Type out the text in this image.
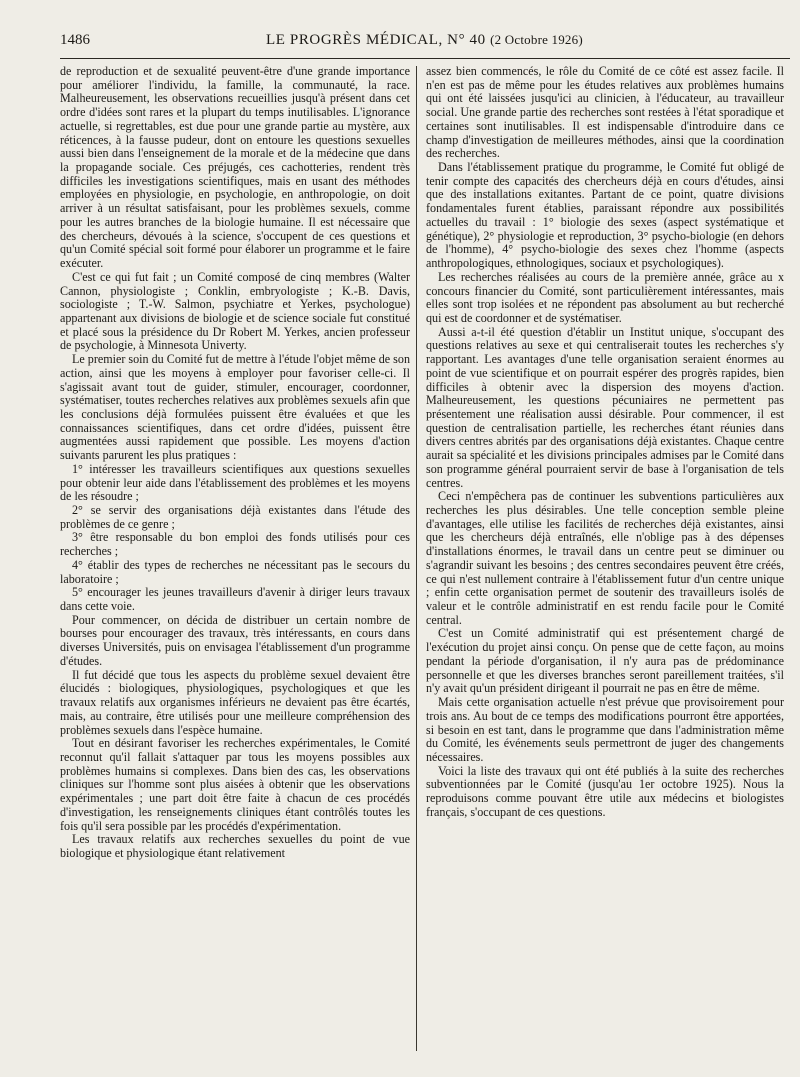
1486	LE PROGRÈS MÉDICAL, N° 40 (2 Octobre 1926)

de reproduction et de sexualité peuvent-être d'une grande importance pour améliorer l'individu, la famille, la communauté, la race. Malheureusement, les observations recueillies jusqu'à présent dans cet ordre d'idées sont rares et la plupart du temps inutilisables. L'ignorance actuelle, si regrettables, est due pour une grande partie au mystère, aux réticences, à la fausse pudeur, dont on entoure les questions sexuelles aussi bien dans l'enseignement de la morale et de la médecine que dans la propagande sociale. Ces préjugés, ces cachotteries, rendent très difficiles les investigations scientifiques, mais en usant des méthodes employées en physiologie, en psychologie, en anthropologie, on doit arriver à un résultat satisfaisant, pour les problèmes sexuels, comme pour les autres branches de la biologie humaine. Il est nécessaire que des chercheurs, dévoués à la science, s'occupent de ces questions et qu'un Comité spécial soit formé pour élaborer un programme et le faire exécuter.

C'est ce qui fut fait ; un Comité composé de cinq membres (Walter Cannon, physiologiste ; Conklin, embryologiste ; K.-B. Davis, sociologiste ; T.-W. Salmon, psychiatre et Yerkes, psychologue) appartenant aux divisions de biologie et de science sociale fut constitué et placé sous la présidence du Dr Robert M. Yerkes, ancien professeur de psychologie, à Minnesota Univerty.

Le premier soin du Comité fut de mettre à l'étude l'objet même de son action, ainsi que les moyens à employer pour favoriser celle-ci. Il s'agissait avant tout de guider, stimuler, encourager, coordonner, systématiser, toutes recherches relatives aux problèmes sexuels afin que les conclusions déjà formulées puissent être évaluées et que les connaissances scientifiques, dans cet ordre d'idées, puissent être augmentées aussi rapidement que possible. Les moyens d'action suivants parurent les plus pratiques :

1° intéresser les travailleurs scientifiques aux questions sexuelles pour obtenir leur aide dans l'établissement des problèmes et les moyens de les résoudre ;

2° se servir des organisations déjà existantes dans l'étude des problèmes de ce genre ;

3° être responsable du bon emploi des fonds utilisés pour ces recherches ;

4° établir des types de recherches ne nécessitant pas le secours du laboratoire ;

5° encourager les jeunes travailleurs d'avenir à diriger leurs travaux dans cette voie.

Pour commencer, on décida de distribuer un certain nombre de bourses pour encourager des travaux, très intéressants, en cours dans diverses Universités, puis on envisagea l'établissement d'un programme d'études.

Il fut décidé que tous les aspects du problème sexuel devaient être élucidés : biologiques, physiologiques, psychologiques et que les travaux relatifs aux organismes inférieurs ne devaient pas être écartés, mais, au contraire, être utilisés pour une meilleure compréhension des problèmes sexuels dans l'espèce humaine.

Tout en désirant favoriser les recherches expérimentales, le Comité reconnut qu'il fallait s'attaquer par tous les moyens possibles aux problèmes humains si complexes. Dans bien des cas, les observations cliniques sur l'homme sont plus aisées à obtenir que les observations expérimentales ; une part doit être faite à chacun de ces procédés d'investigation, les renseignements cliniques étant contrôlés toutes les fois qu'il sera possible par les procédés d'expérimentation.

Les travaux relatifs aux recherches sexuelles du point de vue biologique et physiologique étant relativement

assez bien commencés, le rôle du Comité de ce côté est assez facile. Il n'en est pas de même pour les études relatives aux problèmes humains qui ont été laissées jusqu'ici au clinicien, à l'éducateur, au travailleur social. Une grande partie des recherches sont restées à l'état sporadique et certaines sont inutilisables. Il est indispensable d'introduire dans ce champ d'investigation de meilleures méthodes, ainsi que la coordination des recherches.

Dans l'établissement pratique du programme, le Comité fut obligé de tenir compte des capacités des chercheurs déjà en cours d'études, ainsi que des installations exitantes. Partant de ce point, quatre divisions fondamentales furent établies, paraissant répondre aux possibilités actuelles du travail : 1° biologie des sexes (aspect systématique et génétique), 2° physiologie et reproduction, 3° psycho-biologie (en dehors de l'homme), 4° psycho-biologie des sexes chez l'homme (aspects anthropologiques, ethnologiques, sociaux et psychologiques).

Les recherches réalisées au cours de la première année, grâce au x concours financier du Comité, sont particulièrement intéressantes, mais elles sont trop isolées et ne répondent pas absolument au but recherché qui est de coordonner et de systématiser.

Aussi a-t-il été question d'établir un Institut unique, s'occupant des questions relatives au sexe et qui centraliserait toutes les recherches s'y rapportant. Les avantages d'une telle organisation seraient énormes au point de vue scientifique et on pourrait espérer des progrès rapides, bien difficiles à obtenir avec la dispersion des moyens d'action. Malheureusement, les questions pécuniaires ne permettent pas présentement une réalisation aussi désirable. Pour commencer, il est question de centralisation partielle, les recherches étant réunies dans divers centres abrités par des organisations déjà existantes. Chaque centre aurait sa spécialité et les divisions principales admises par le Comité dans son programme général pourraient servir de base à l'organisation de tels centres.

Ceci n'empêchera pas de continuer les subventions particulières aux recherches les plus désirables. Une telle conception semble pleine d'avantages, elle utilise les facilités de recherches déjà existantes, ainsi que les chercheurs déjà entraînés, elle n'oblige pas à des dépenses d'installations énormes, le travail dans un centre peut se diminuer ou s'agrandir suivant les besoins ; des centres secondaires peuvent être créés, ce qui n'est nullement contraire à l'établissement futur d'un centre unique ; enfin cette organisation permet de soutenir des travailleurs isolés de valeur et le contrôle administratif en est rendu facile pour le Comité central.

C'est un Comité administratif qui est présentement chargé de l'exécution du projet ainsi conçu. On pense que de cette façon, au moins pendant la période d'organisation, il n'y aura pas de prédominance personnelle et que les diverses branches seront pareillement traitées, s'il n'y avait qu'un président dirigeant il pourrait ne pas en être de même.

Mais cette organisation actuelle n'est prévue que provisoirement pour trois ans. Au bout de ce temps des modifications pourront être apportées, si besoin en est tant, dans le programme que dans l'administration même du Comité, les événements seuls permettront de juger des changements nécessaires.

Voici la liste des travaux qui ont été publiés à la suite des recherches subventionnées par le Comité (jusqu'au 1er octobre 1925). Nous la reproduisons comme pouvant être utile aux médecins et biologistes français, s'occupant de ces questions.
